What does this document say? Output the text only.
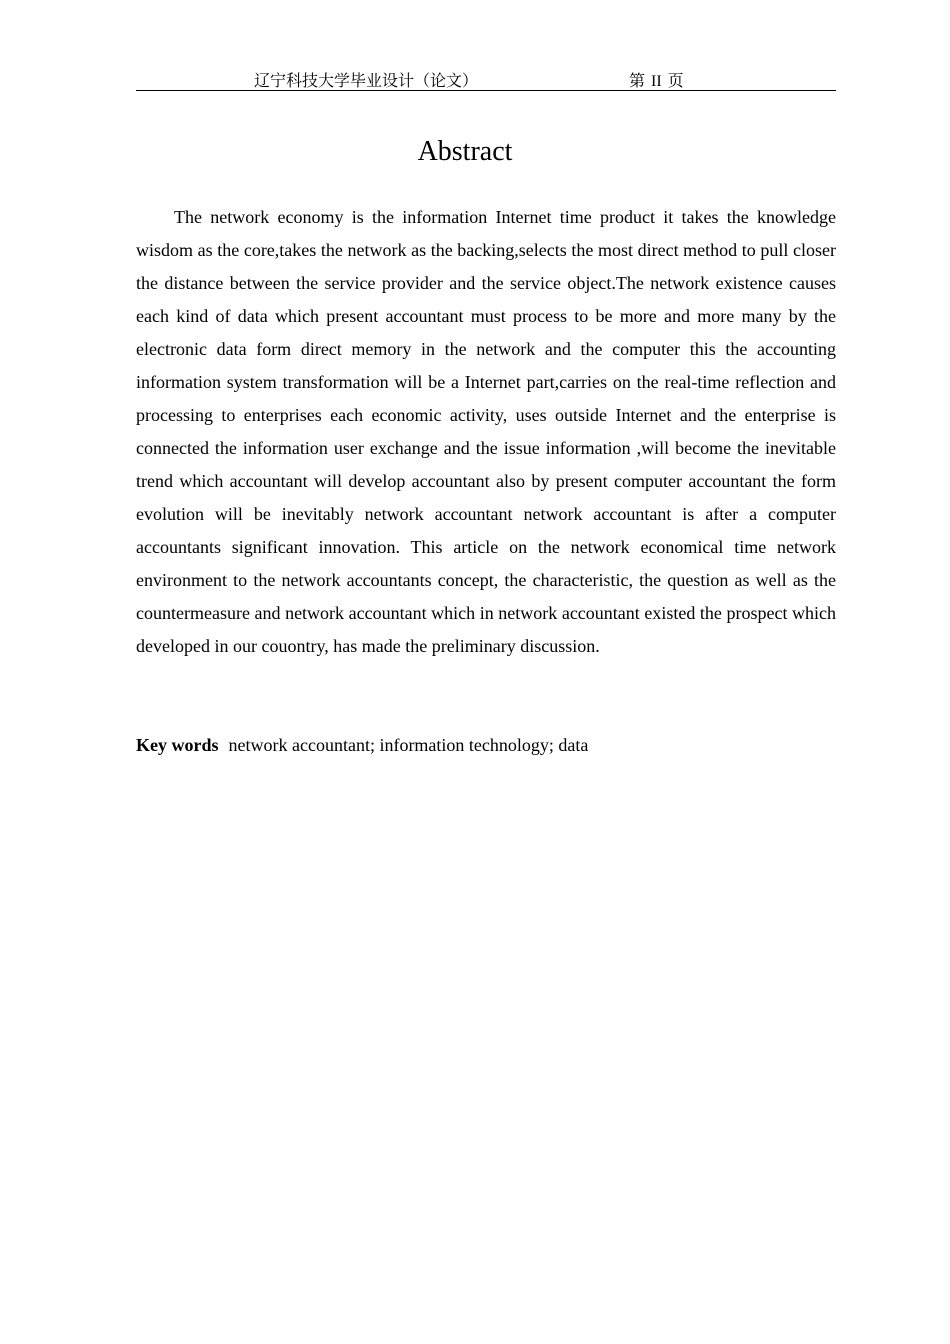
辽宁科技大学毕业设计（论文）	第 II 页
Abstract

The network economy is the information Internet time product it takes the knowledge wisdom as the core,takes the network as the backing,selects the most direct method to pull closer the distance between the service provider and the service object.The network existence causes each kind of data which present accountant must process to be more and more many by the electronic data form direct memory in the network and the computer this the accounting information system transformation will be a Internet part,carries on the real-time reflection and processing to enterprises each economic activity, uses outside Internet and the enterprise is connected the information user exchange and the issue information ,will become the inevitable trend which accountant will develop accountant also by present computer accountant the form evolution will be inevitably network accountant network accountant is after a computer accountants significant innovation. This article on the network economical time network environment to the network accountants concept, the characteristic, the question as well as the countermeasure and network accountant which in network accountant existed the prospect which developed in our couontry, has made the preliminary discussion.

Key words network accountant; information technology; data
